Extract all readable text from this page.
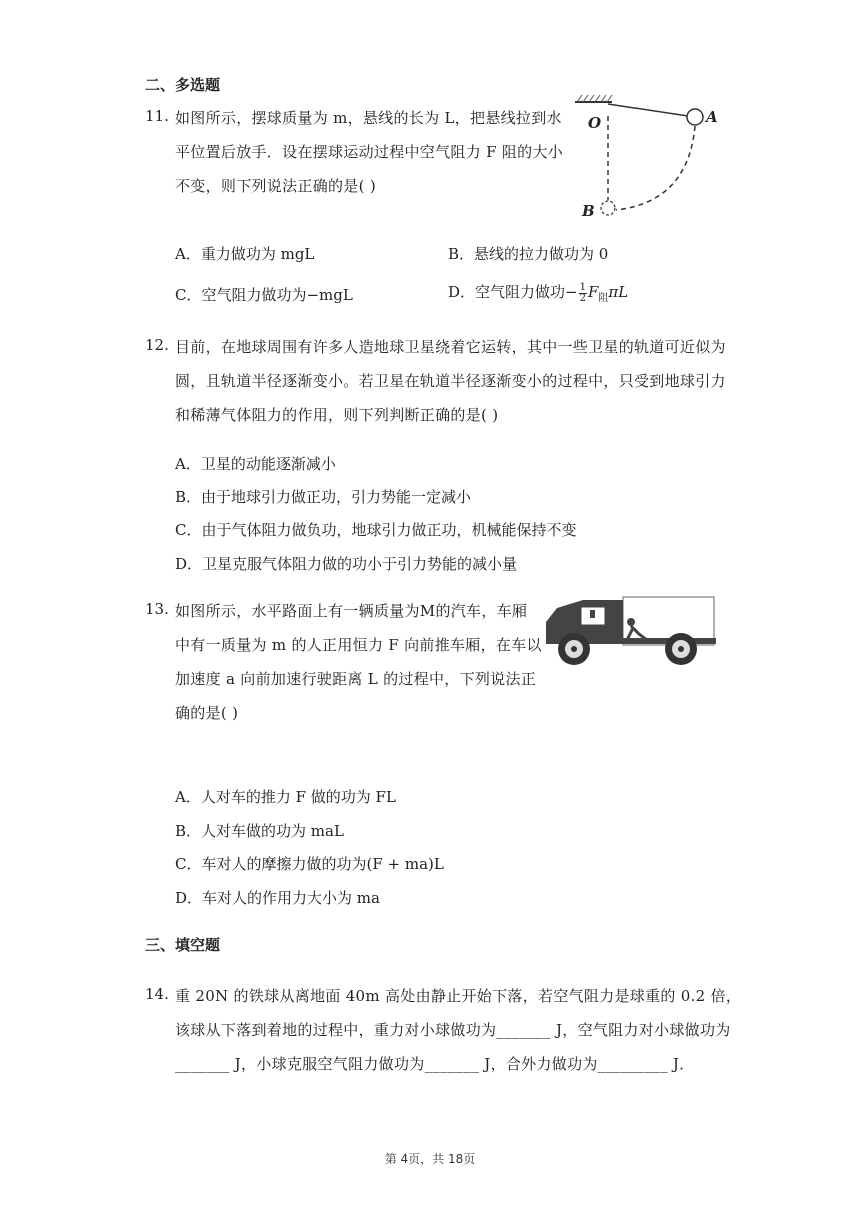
二、多选题
11. 如图所示，摆球质量为 m，悬线的长为 L，把悬线拉到水
平位置后放手．设在摆球运动过程中空气阻力 F 阻的大小
不变，则下列说法正确的是( )
O	A
B
A．重力做功为 mgL	B．悬线的拉力做功为 0
C．空气阻力做功为−mgL	D．空气阻力做功− $\frac{1}{2} F_阻\pi L$
12. 目前，在地球周围有许多人造地球卫星绕着它运转，其中一些卫星的轨道可近似为
圆，且轨道半径逐渐变小。若卫星在轨道半径逐渐变小的过程中，只受到地球引力
和稀薄气体阻力的作用，则下列判断正确的是( )
A．卫星的动能逐渐减小
B．由于地球引力做正功，引力势能一定减小
C．由于气体阻力做负功，地球引力做正功，机械能保持不变
D．卫星克服气体阻力做的功小于引力势能的减小量
13. 如图所示，水平路面上有一辆质量为M的汽车，车厢
中有一质量为 m 的人正用恒力 F 向前推车厢，在车以
加速度 a 向前加速行驶距离 L 的过程中，下列说法正
确的是( )
A．人对车的推力 F 做的功为 FL
B．人对车做的功为 maL
C．车对人的摩擦力做的功为(F + ma)L
D．车对人的作用力大小为 ma
三、填空题
14. 重 20N 的铁球从离地面 40m 高处由静止开始下落，若空气阻力是球重的 0.2 倍，
该球从下落到着地的过程中，重力对小球做功为_______ J，空气阻力对小球做功为
_______ J，小球克服空气阻力做功为_______ J，合外力做功为_________ J．
第 4页，共 18页
